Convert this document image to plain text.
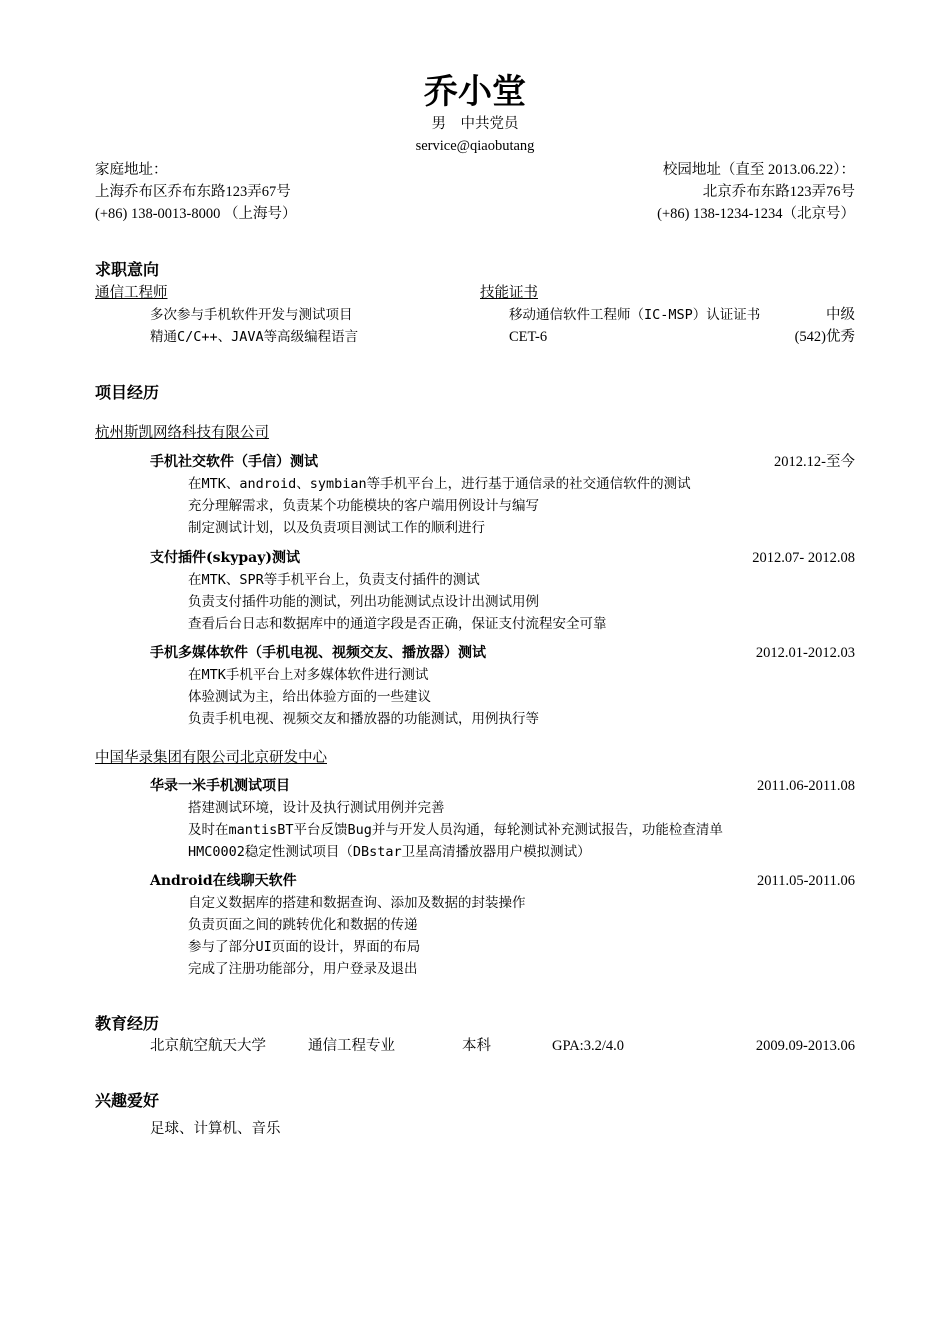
乔小堂
男　中共党员
service@qiaobutang
家庭地址：
上海乔布区乔布东路123弄67号
(+86) 138-0013-8000 （上海号）
校园地址（直至 2013.06.22）：
北京乔布东路123弄76号
(+86) 138-1234-1234（北京号）
求职意向
通信工程师
多次参与手机软件开发与测试项目
精通C/C++、JAVA等高级编程语言
技能证书
移动通信软件工程师（IC-MSP）认证证书	中级
CET-6	(542)优秀
项目经历
杭州斯凯网络科技有限公司
手机社交软件（手信）测试	2012.12-至今
在MTK、android、symbian等手机平台上，进行基于通信录的社交通信软件的测试
充分理解需求，负责某个功能模块的客户端用例设计与编写
制定测试计划，以及负责项目测试工作的顺利进行
支付插件(skypay)测试	2012.07- 2012.08
在MTK、SPR等手机平台上，负责支付插件的测试
负责支付插件功能的测试，列出功能测试点设计出测试用例
查看后台日志和数据库中的通道字段是否正确，保证支付流程安全可靠
手机多媒体软件（手机电视、视频交友、播放器）测试	2012.01-2012.03
在MTK手机平台上对多媒体软件进行测试
体验测试为主，给出体验方面的一些建议
负责手机电视、视频交友和播放器的功能测试，用例执行等
中国华录集团有限公司北京研发中心
华录一米手机测试项目	2011.06-2011.08
搭建测试环境，设计及执行测试用例并完善
及时在mantisBT平台反馈Bug并与开发人员沟通，每轮测试补充测试报告，功能检查清单
HMC0002稳定性测试项目（DBstar卫星高清播放器用户模拟测试）
Android在线聊天软件	2011.05-2011.06
自定义数据库的搭建和数据查询、添加及数据的封装操作
负责页面之间的跳转优化和数据的传递
参与了部分UI页面的设计，界面的布局
完成了注册功能部分，用户登录及退出
教育经历
北京航空航天大学	通信工程专业	本科	GPA:3.2/4.0	2009.09-2013.06
兴趣爱好
足球、计算机、音乐
